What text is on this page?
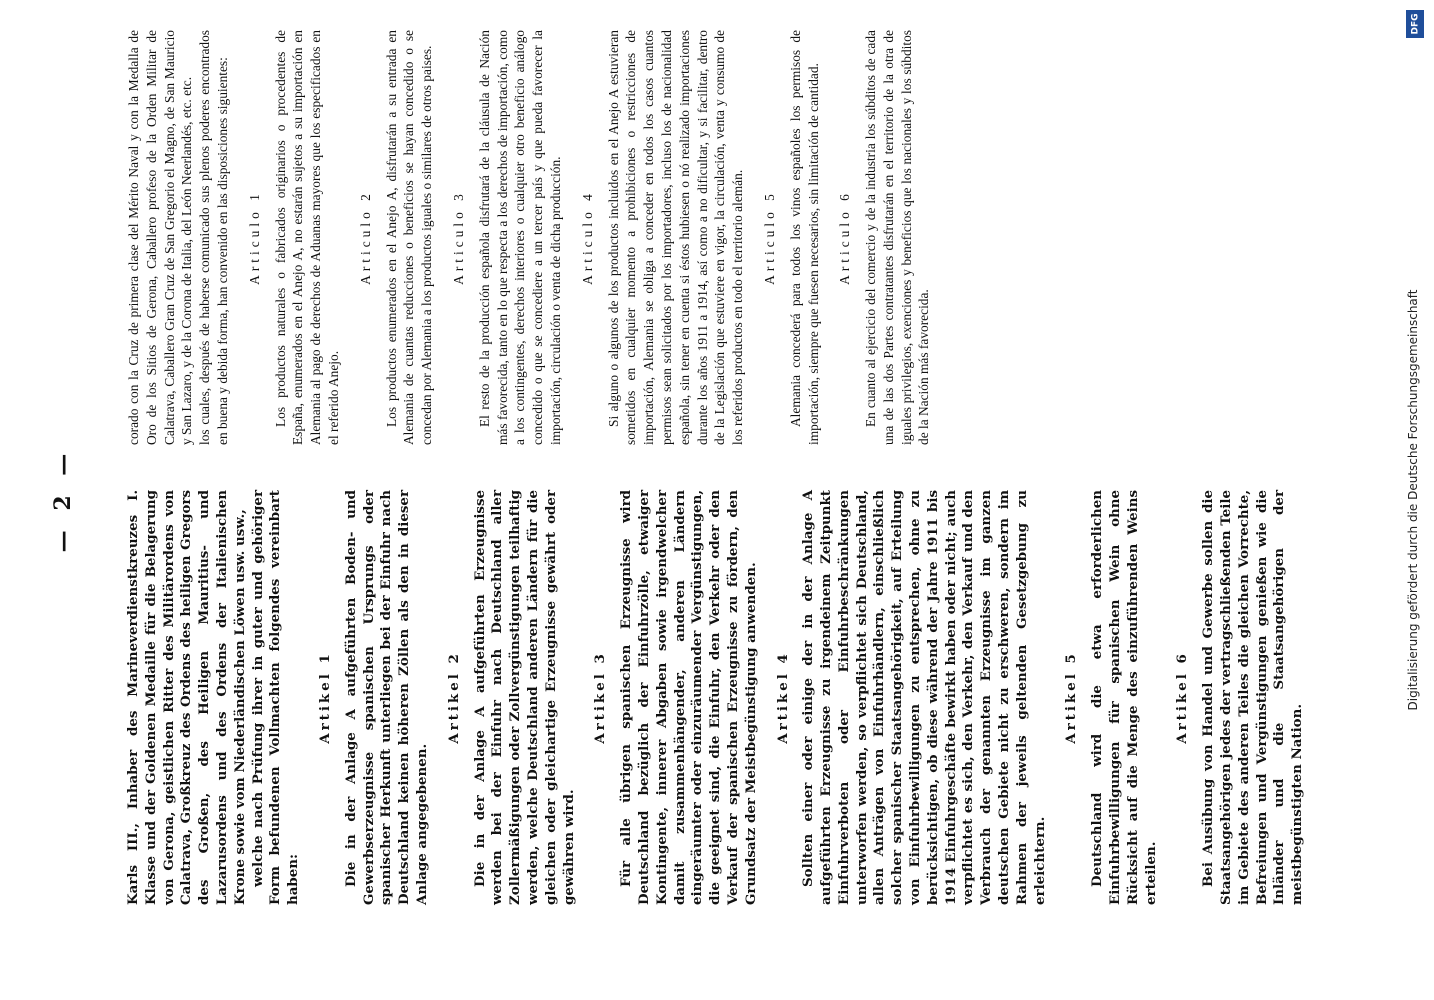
— 2 —	Karls III., Inhaber des Marineverdienstkreuzes I. Klasse und der Goldenen Medaille für die Belagerung von Gerona, geistlichen Ritter des Militärordens von Calatrava, Großkreuz des Ordens des heiligen Gregors des Großen, des Heiligen Mauritius- und Lazarusordens und des Ordens der Italienischen Krone sowie vom Niederländischen Löwen usw. usw., welche nach Prüfung ihrer in guter und gehöriger Form befundenen Vollmachten folgendes vereinbart haben:

Artikel 1 Die in der Anlage A aufgeführten Boden- und Gewerbserzeugnisse spanischen Ursprungs oder spanischer Herkunft unterliegen bei der Einfuhr nach Deutschland keinen höheren Zöllen als den in dieser Anlage angegebenen.

Artikel 2 Die in der Anlage A aufgeführten Erzeugnisse werden bei der Einfuhr nach Deutschland aller Zollermäßigungen oder Zollvergünstigungen teilhaftig werden, welche Deutschland anderen Ländern für die gleichen oder gleichartige Erzeugnisse gewährt oder gewähren wird.

Artikel 3 Für alle übrigen spanischen Erzeugnisse wird Deutschland bezüglich der Einfuhrzölle, etwaiger Kontingente, innerer Abgaben sowie irgendwelcher damit zusammenhängender, anderen Ländern eingeräumter oder einzuräumender Vergünstigungen, die geeignet sind, die Einfuhr, den Verkehr oder den Verkauf der spanischen Erzeugnisse zu fördern, den Grundsatz der Meistbegünstigung anwenden. Artikel 4 Sollten einer oder einige der in der Anlage A aufgeführten Erzeugnisse zu irgendeinem Zeitpunkt Einfuhrverboten oder Einfuhrbeschränkungen unterworfen werden, so verpflichtet sich Deutschland, allen Anträgen von Einfuhrhändlern, einschließlich solcher spanischer Staatsangehörigkeit, auf Erteilung von Einfuhrbewilligungen zu entsprechen, ohne zu berücksichtigen, ob diese während der Jahre 1911 bis 1914 Einfuhrgeschäfte bewirkt haben oder nicht; auch verpflichtet es sich, den Verkehr, den Verkauf und den Verbrauch der genannten Erzeugnisse im ganzen deutschen Gebiete nicht zu erschweren, sondern im Rahmen der jeweils geltenden Gesetzgebung zu erleichtern.

Artikel 5 Deutschland wird die etwa erforderlichen Einfuhrbewilligungen für spanischen Wein ohne Rücksicht auf die Menge des einzuführenden Weins erteilen.

Artikel 6 Bei Ausübung von Handel und Gewerbe sollen die Staatsangehörigen jedes der vertragschließenden Teile im Gebiete des anderen Teiles die gleichen Vorrechte, Befreiungen und Vergünstigungen genießen wie die Inländer und die Staatsangehörigen der meistbegünstigten Nation.

corado con la Cruz de primera clase del Mérito Naval y con la Medalla de Oro de los Sitios de Gerona, Caballero profeso de la Orden Militar de Calatrava, Caballero Gran Cruz de San Gregorio el Magno, de San Mauricio y San Lazaro, y de la Corona de Italia, del León Neerlandés, etc. etc. los cuales, después de haberse comunicado sus plenos poderes encontrados en buena y debida forma, han convenido en las disposiciones siguientes: Articulo 1 Los productos naturales o fabricados originarios o procedentes de España, enumerados en el Anejo A, no estarán sujetos a su importación en Alemania al pago de derechos de Aduanas mayores que los especificados en el referido Anejo.

Articulo 2 Los productos enumerados en el Anejo A, disfrutarán a su entrada en Alemania de cuantas reducciones o beneficios se hayan concedido o se concedan por Alemania a los productos iguales o similares de otros paises. Articulo 3 El resto de la producción española disfrutará de la cláusula de Nación más favorecida, tanto en lo que respecta a los derechos de importación, como a los contingentes, derechos interiores o cualquier otro beneficio análogo concedido o que se concediere a un tercer país y que pueda favorecer la importación, circulación o venta de dicha producción. Articulo 4 Si alguno o algunos de los productos incluidos en el Anejo A estuvieran sometidos en cualquier momento a prohibiciones o restricciones de importación, Alemania se obliga a conceder en todos los casos cuantos permisos sean solicitados por los importadores, incluso los de nacionalidad española, sin tener en cuenta si éstos hubiesen o nó realizado importaciones durante los años 1911 a 1914, así como a no dificultar, y si facilitar, dentro de la Legislación que estuviere en vigor, la circulación, venta y consumo de los referidos productos en todo el territorio alemán. Articulo 5 Alemania concederá para todos los vinos españoles los permisos de importación, siempre que fuesen necesarios, sin limitación de cantidad. Articulo 6 En cuanto al ejercicio del comercio y de la industria los súbditos de cada una de las dos Partes contratantes disfrutarán en el territorio de la otra de iguales privilegios, exenciones y beneficios que los nacionales y los súbditos de la Nación más favorecida.

DFG
Digitalisierung gefördert durch die Deutsche Forschungsgemeinschaft
